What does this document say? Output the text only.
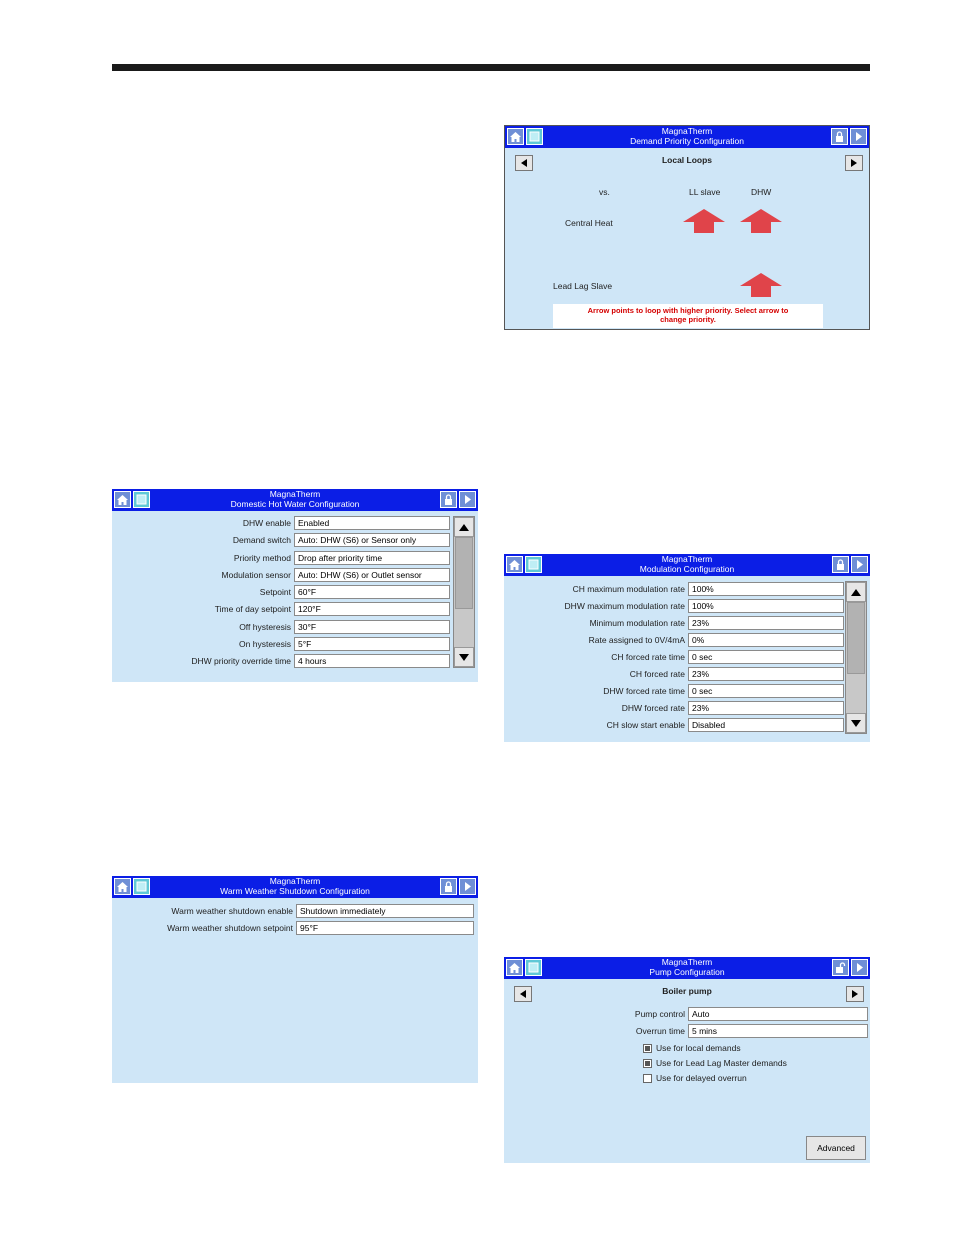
MagnaTherm
Demand Priority Configuration
Local Loops
vs.	LL slave	DHW
Central Heat
Lead Lag Slave
Arrow points to loop with higher priority. Select arrow to
change priority.
MagnaTherm
Domestic Hot Water Configuration
DHW enable Enabled
Demand switch Auto: DHW (S6) or Sensor only
Priority method Drop after priority time
Modulation sensor Auto: DHW (S6) or Outlet sensor
Setpoint 60°F
Time of day setpoint 120°F
Off hysteresis 30°F
On hysteresis 5°F
DHW priority override time 4 hours
MagnaTherm
Modulation Configuration
CH maximum modulation rate 100%
DHW maximum modulation rate 100%
Minimum modulation rate 23%
Rate assigned to 0V/4mA 0%
CH forced rate time 0 sec
CH forced rate 23%
DHW forced rate time 0 sec
DHW forced rate 23%
CH slow start enable Disabled
MagnaTherm
Warm Weather Shutdown Configuration
Warm weather shutdown enable Shutdown immediately
Warm weather shutdown setpoint 95°F
MagnaTherm
Pump Configuration
Boiler pump
Pump control Auto
Overrun time 5 mins
Use for local demands
Use for Lead Lag Master demands
Use for delayed overrun
Advanced
